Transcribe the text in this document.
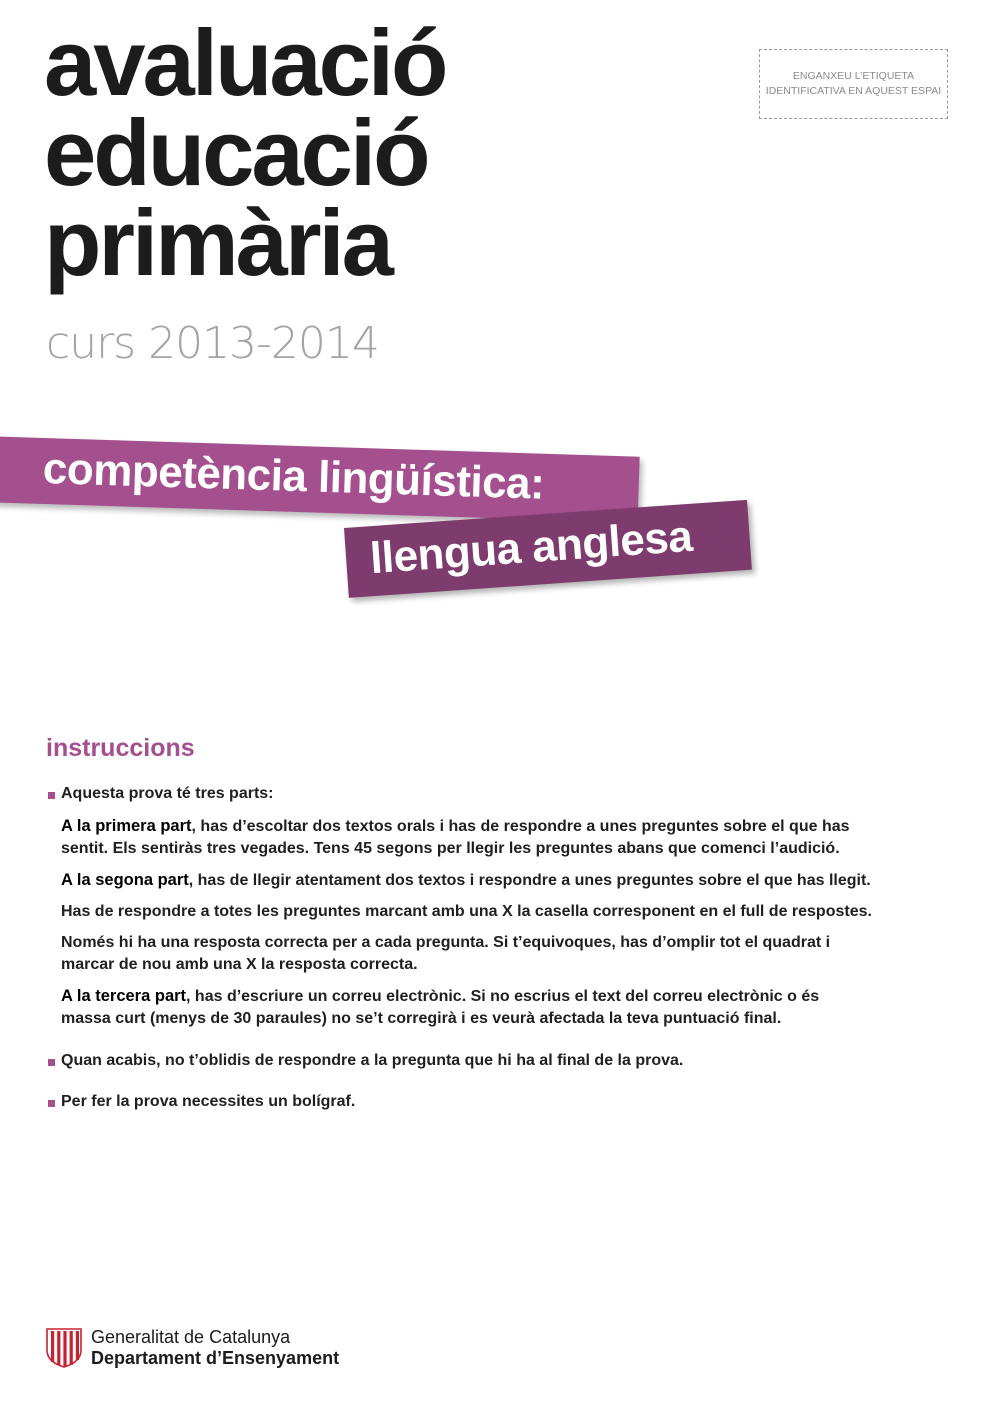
avaluació
educació
primària
curs 2013-2014
ENGANXEU L’ETIQUETA
IDENTIFICATIVA EN AQUEST ESPAI
competència lingüística:
llengua anglesa
instruccions
Aquesta prova té tres parts:
A la primera part, has d’escoltar dos textos orals i has de respondre a unes preguntes sobre el que has sentit. Els sentiràs tres vegades. Tens 45 segons per llegir les preguntes abans que comenci l’audició.
A la segona part, has de llegir atentament dos textos i respondre a unes preguntes sobre el que has llegit.
Has de respondre a totes les preguntes marcant amb una X la casella corresponent en el full de respostes.
Només hi ha una resposta correcta per a cada pregunta. Si t’equivoques, has d’omplir tot el quadrat i marcar de nou amb una X la resposta correcta.
A la tercera part, has d’escriure un correu electrònic. Si no escrius el text del correu electrònic o és massa curt (menys de 30 paraules) no se’t corregirà i es veurà afectada la teva puntuació final.
Quan acabis, no t’oblidis de respondre a la pregunta que hi ha al final de la prova.
Per fer la prova necessites un bolígraf.
Generalitat de Catalunya
Departament d’Ensenyament
